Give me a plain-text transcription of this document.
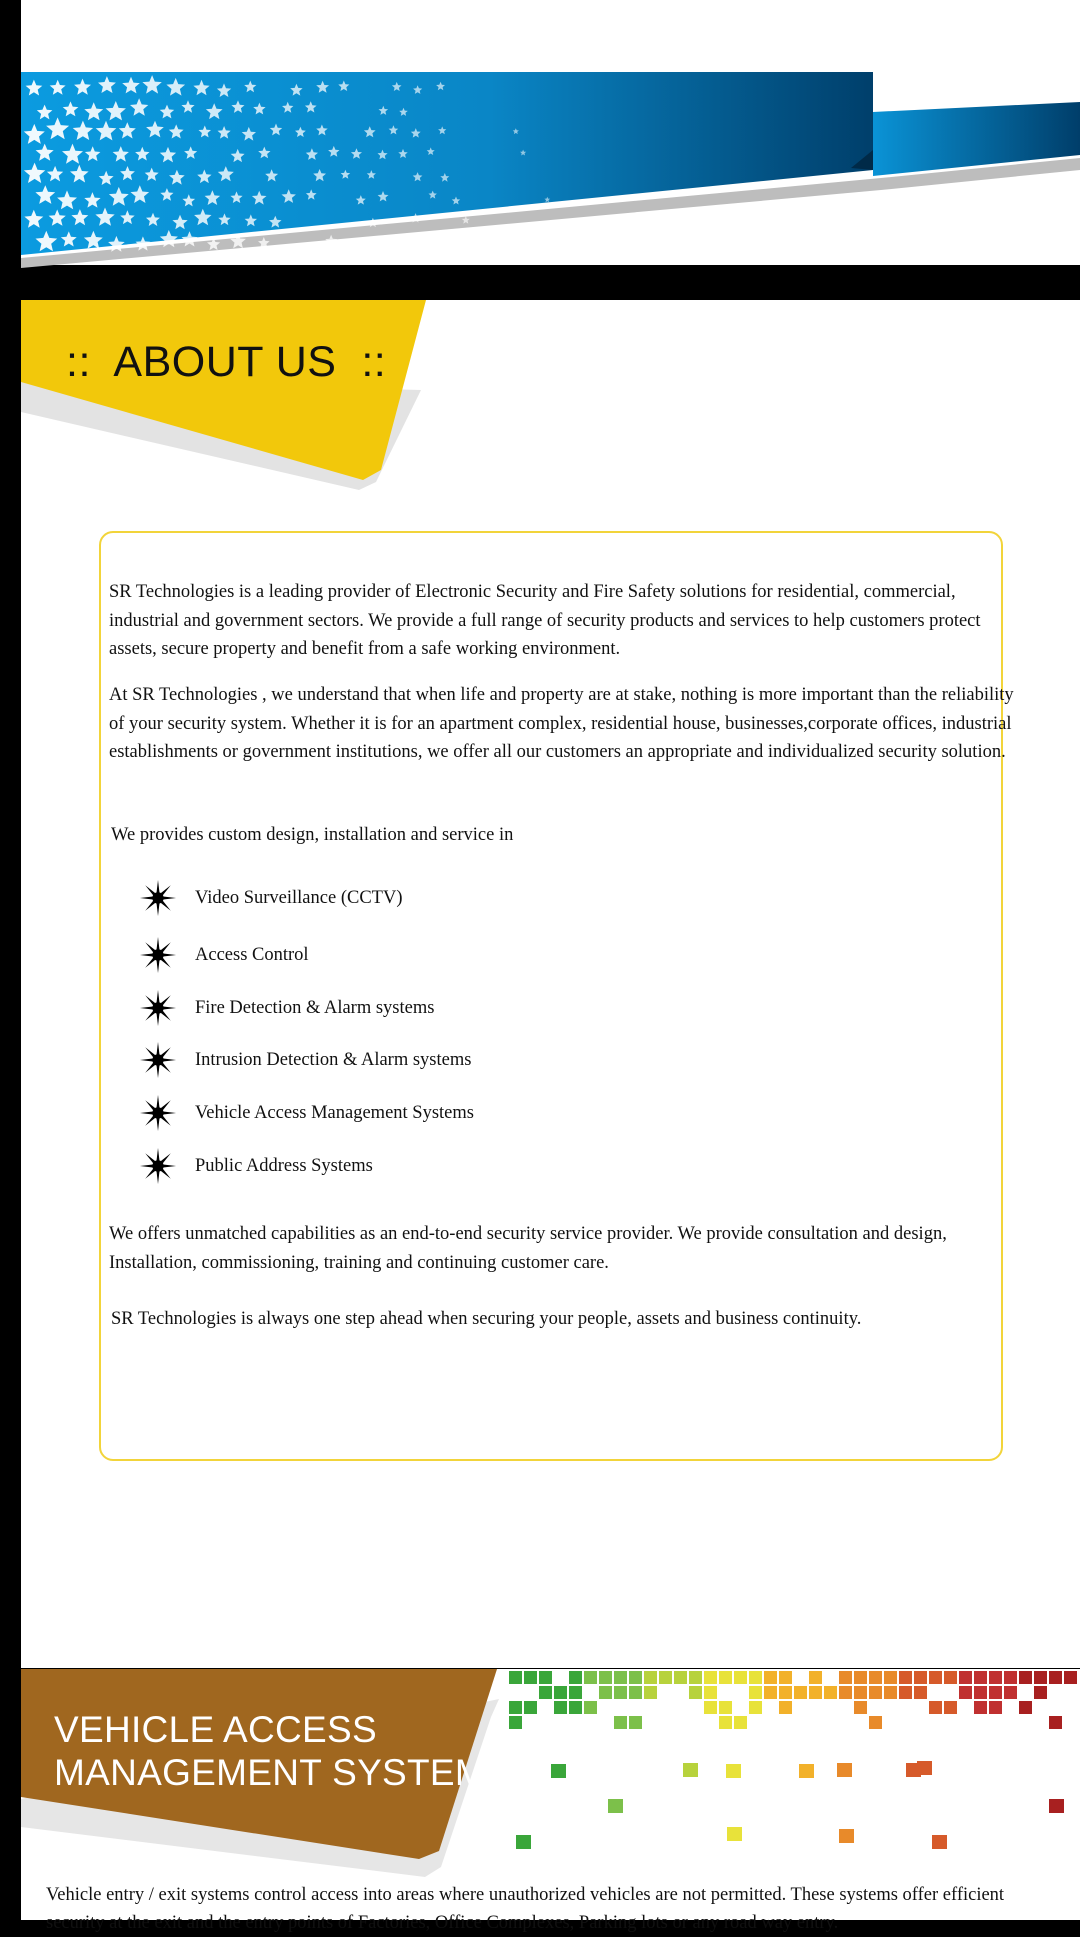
::  ABOUT US  ::
SR Technologies is a leading provider of Electronic Security and Fire Safety solutions for residential, commercial, industrial and government sectors. We provide a full range of security products and services to help customers protect assets, secure property and benefit from a safe working environment.
At SR Technologies , we understand that when life and property are at stake, nothing is more important than the reliability of your security system. Whether it is for an apartment complex, residential house, businesses,corporate offices, industrial establishments or government institutions, we offer all our customers an appropriate and individualized security solution.
We provides custom design, installation and service in
Video Surveillance (CCTV)
Access Control
Fire Detection & Alarm systems
Intrusion Detection & Alarm systems
Vehicle Access Management Systems
Public Address Systems
We offers unmatched capabilities as an end-to-end security service provider. We provide consultation and design, Installation, commissioning, training and continuing customer care.
SR Technologies is always one step ahead when securing your people, assets and business continuity.
VEHICLE ACCESS
MANAGEMENT SYSTEMS
Vehicle entry / exit systems control access into areas where unauthorized vehicles are not permitted. These systems offer efficient security at the exit and the entry points of Factories, Office Complexes, Parking lots or any road way entry.
